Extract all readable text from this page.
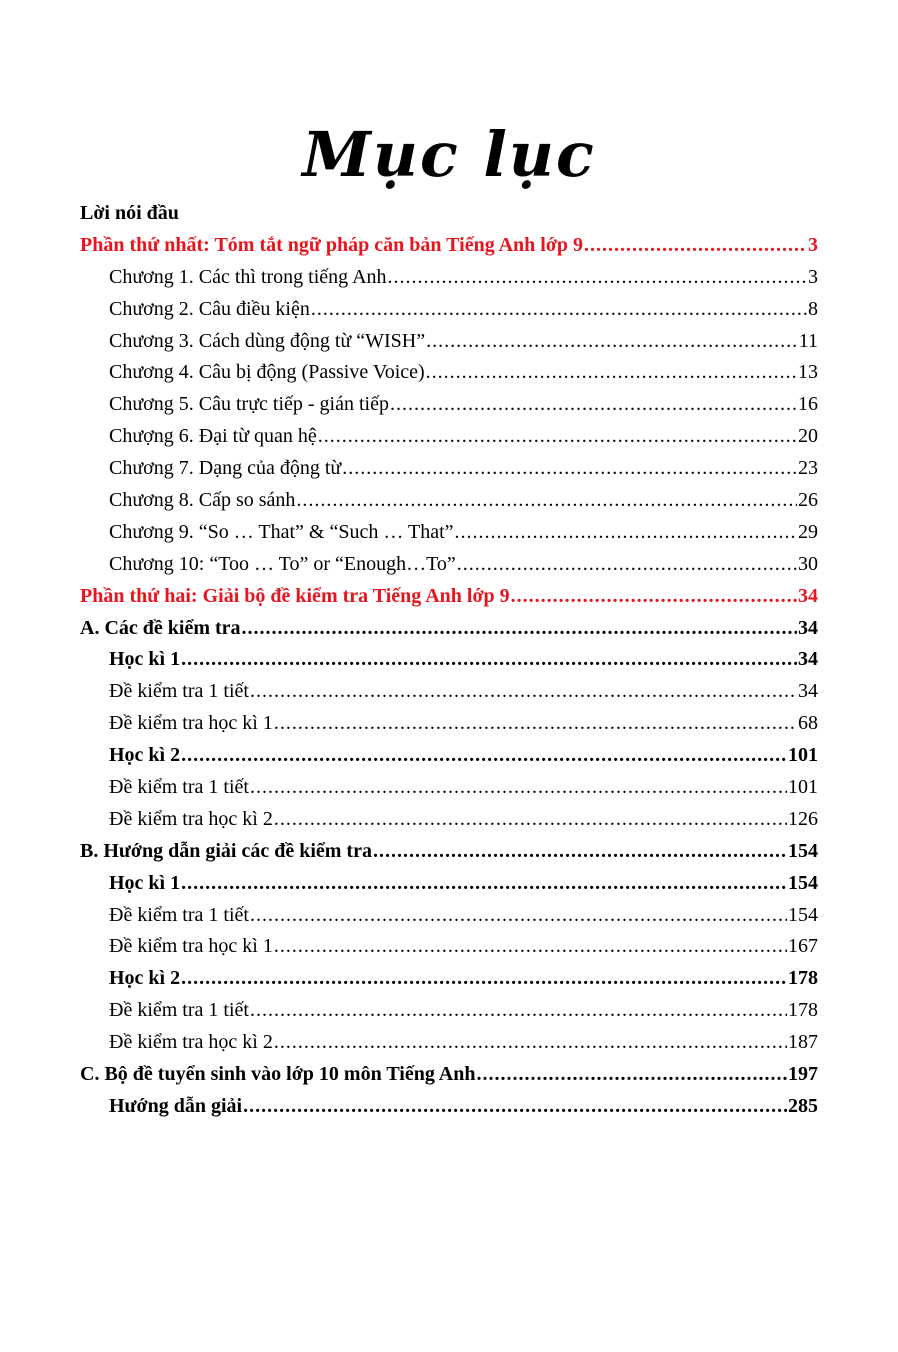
Mục lục
Lời nói đầu
Phần thứ nhất: Tóm tắt ngữ pháp căn bản Tiếng Anh lớp 9 .....	3
Chương 1. Các thì trong tiếng Anh .....	3
Chương 2. Câu điều kiện .....	8
Chương 3. Cách dùng động từ “WISH” .....	11
Chương 4. Câu bị động (Passive Voice) .....	13
Chương 5. Câu trực tiếp - gián tiếp .....	16
Chượng 6. Đại từ quan hệ .....	20
Chương 7. Dạng của động từ .....	23
Chương 8. Cấp so sánh .....	26
Chương 9. “So … That” & “Such … That” .....	29
Chương 10: “Too … To” or “Enough…To” .....	30
Phần thứ hai: Giải bộ đề kiểm tra Tiếng Anh lớp 9 .....	34
A. Các đề kiểm tra .....	34
Học kì 1 .....	34
Đề kiểm tra 1 tiết .....	34
Đề kiểm tra học kì 1 .....	68
Học kì 2 .....	101
Đề kiểm tra 1 tiết .....	101
Đề kiểm tra học kì 2 .....	126
B. Hướng dẫn giải các đề kiểm tra .....	154
Học kì 1 .....	154
Đề kiểm tra 1 tiết .....	154
Đề kiểm tra học kì 1 .....	167
Học kì 2 .....	178
Đề kiểm tra 1 tiết .....	178
Đề kiểm tra học kì 2 .....	187
C. Bộ đề tuyển sinh vào lớp 10 môn Tiếng Anh .....	197
Hướng dẫn giải .....	285
